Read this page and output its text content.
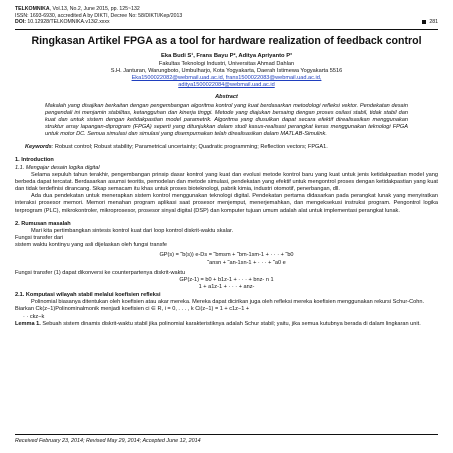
TELKOMNIKA, Vol.13, No.2, June 2015, pp. 125~132
ISSN: 1693-6930, accredited A by DIKTI, Decree No: 58/DIKTI/Kep/2013
DOI: 10.12928/TELKOMNIKA.v13i2.xxxx	281
Ringkasan Artikel FPGA as a tool for hardware realization of feedback control
Eka Budi S¹, Frans Bayu P², Aditya Apriyanto P³
Fakultas Teknologi Industri, Universitas Ahmad Dahlan
S.H. Janturan, Warungboto, Umbulharjo, Kota Yogyakarta, Daerah Istimewa Yogyakarta 5516
Eka1500022082@webmail.uad.ac.id, frans1500022083@webmail.uad.ac.id,
aditya1500022084@webmail.uad.ac.id
Abstract
Makalah yang disajikan berkaitan dengan pengembangan algoritma kontrol yang kuat berdasarkan metodologi refleksi vektor. Pendekatan desain pengendali ini menjamin stabilitas, ketangguhan dan kinerja tinggi. Metode yang diajukan bersaing dengan proses osilasi stabil, tidak stabil dan kuat dan untuk sistem dengan ketidakpastian model parametrik. Algoritma yang diusulkan dapat secara efektif direalisasikan menggunakan struktur array lapangan-diprogram (FPGA) seperti yang ditunjukkan dalam studi kasus-realisasi perangkat keras menggunakan teknologi FPGA untuk motor DC. Semua simulasi dan simulasi yang disempurnakan telah direalisasikan dalam MATLAB-Simulink.
Keywords: Robust control; Robust stability; Parametrical uncertainty; Quadratic programming; Reflection vectors; FPGA1.
1. Introduction
1.1. Mengajar desain logika digital
Selama sepuluh tahun terakhir, pengembangan prinsip dasar kontrol yang kuat dan evolusi metode kontrol baru yang kuat untuk jenis ketidakpastian model yang berbeda dapat tercatat. Berdasarkan asumsi teoritis, pemodelan dan metode simulasi, pendekatan yang efektif untuk mengontrol proses dengan ketidakpastian yang kuat dan tidak terdefinisi dirancang. Sikap semacam itu khas untuk proses bioteknologi, pabrik kimia, industri otomotif, penerbangan, dll.
Ada dua pendekatan untuk menerapkan sistem kontrol menggunakan teknologi digital. Pendekatan pertama didasarkan pada perangkat lunak yang menyiratkan interaksi prosesor memori. Memori menahan program aplikasi saat prosesor menjemput, menerjemahkan, dan mengeksekusi instruksi program. Pengontrol logika terprogram (PLC), mikrokontroler, mikroprosesor, prosesor sinyal digital (DSP) dan komputer tujuan umum adalah alat untuk implementasi perangkat lunak.
2. Rumusan masalah
Mari kita pertimbangkan sintesis kontrol kuat dari loop kontrol diskrit-waktu skalar.
Fungsi transfer dari
sistem waktu kontinyu yang asli dijelaskan oleh fungsi transfe
GP(s) = ˜b(s)) e-Ds = ˜bmsm + ˜bm-1sm-1 + · · · + ˜b0
˜ansn + ˜an-1sn-1 + · · · + ˜a0 e
Fungsi transfer (1) dapat dikonversi ke counterpartenya diskrit-waktu
GP(z-1) = b0 + b1z-1 + · · · + bnz- n 1
1 + a1z-1 + · · · + anz-
2.1. Komputasi wilayah stabil melalui koefisien refleksi
Polinomial biasanya ditentukan oleh koefisien atau akar mereka. Mereka dapat dicirikan juga oleh refleksi mereka koefisien menggunakan rekursi Schur-Cohn.
Biarkan Ck(z−1)Polinominalmonik menjadi koefisien ci ∈ R, i = 0, . . . , k Ci(z−1) = 1 + c1z−1 +
· · ckz−k
Lemma 1. Sebuah sistem dinamis diskrit-waktu stabil jika polinomial karakteristiknya adalah Schur stabil; yaitu, jika semua kutubnya berada di dalam lingkaran unit.
Received February 23, 2014; Revised May 29, 2014; Accepted June 12, 2014
